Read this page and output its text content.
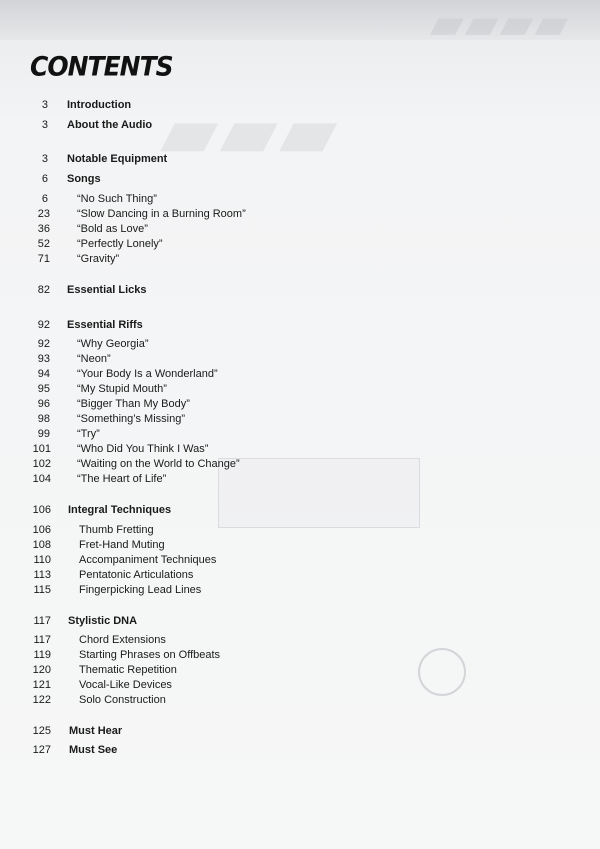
▰▰▰▰
▰▰▰
CONTENTS
3 Introduction
3 About the Audio
3 Notable Equipment
6 Songs
6	“No Such Thing”
23 “Slow Dancing in a Burning Room”
36 “Bold as Love”
52 “Perfectly Lonely”
71 “Gravity”
82 Essential Licks
92 Essential Riffs
92 “Why Georgia”
93 “Neon”
94 “Your Body Is a Wonderland”
95 “My Stupid Mouth”
96 “Bigger Than My Body”
98 “Something’s Missing”
99 “Try”
101 “Who Did You Think I Was”
102 “Waiting on the World to Change”
104 “The Heart of Life”
106 Integral Techniques
106	Thumb Fretting
108	Fret-Hand Muting
110	Accompaniment Techniques
113	Pentatonic Articulations
115	Fingerpicking Lead Lines
117 Stylistic DNA
117	Chord Extensions
119	Starting Phrases on Offbeats
120	Thematic Repetition
121	Vocal-Like Devices
122	Solo Construction
125 Must Hear
127 Must See
